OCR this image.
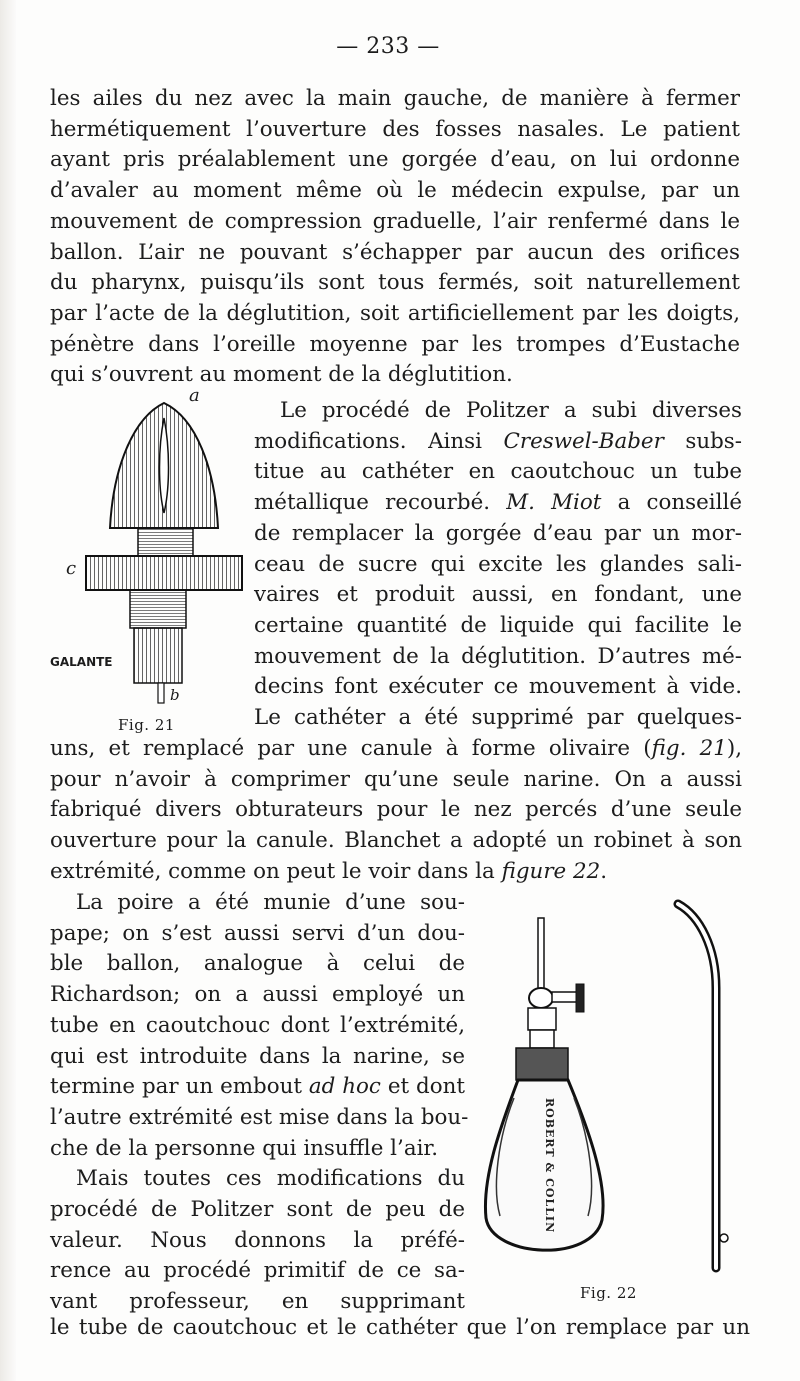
— 233 —
les ailes du nez avec la main gauche, de manière à fermer
hermétiquement l’ouverture des fosses nasales. Le patient
ayant pris préalablement une gorgée d’eau, on lui ordonne
d’avaler au moment même où le médecin expulse, par un
mouvement de compression graduelle, l’air renfermé dans le
ballon. L’air ne pouvant s’échapper par aucun des orifices
du pharynx, puisqu’ils sont tous fermés, soit naturellement
par l’acte de la déglutition, soit artificiellement par les doigts,
pénètre dans l’oreille moyenne par les trompes d’Eustache
qui s’ouvrent au moment de la déglutition.
a
c
b
GALANTE
Fig. 21
Le procédé de Politzer a subi diverses
modifications. Ainsi Creswel-Baber subs-
titue au cathéter en caoutchouc un tube
métallique recourbé. M. Miot a conseillé
de remplacer la gorgée d’eau par un mor-
ceau de sucre qui excite les glandes sali-
vaires et produit aussi, en fondant, une
certaine quantité de liquide qui facilite le
mouvement de la déglutition. D’autres mé-
decins font exécuter ce mouvement à vide.
Le cathéter a été supprimé par quelques-
uns, et remplacé par une canule à forme olivaire (fig. 21),
pour n’avoir à comprimer qu’une seule narine. On a aussi
fabriqué divers obturateurs pour le nez percés d’une seule
ouverture pour la canule. Blanchet a adopté un robinet à son
extrémité, comme on peut le voir dans la figure 22.
La poire a été munie d’une sou-
pape; on s’est aussi servi d’un dou-
ble ballon, analogue à celui de
Richardson; on a aussi employé un
tube en caoutchouc dont l’extrémité,
qui est introduite dans la narine, se
termine par un embout ad hoc et dont
l’autre extrémité est mise dans la bou-
che de la personne qui insuffle l’air.
Mais toutes ces modifications du
procédé de Politzer sont de peu de
valeur. Nous donnons la préfé-
rence au procédé primitif de ce sa-
vant professeur, en supprimant
ROBERT & COLLIN
Fig. 22
le tube de caoutchouc et le cathéter que l’on remplace par un
